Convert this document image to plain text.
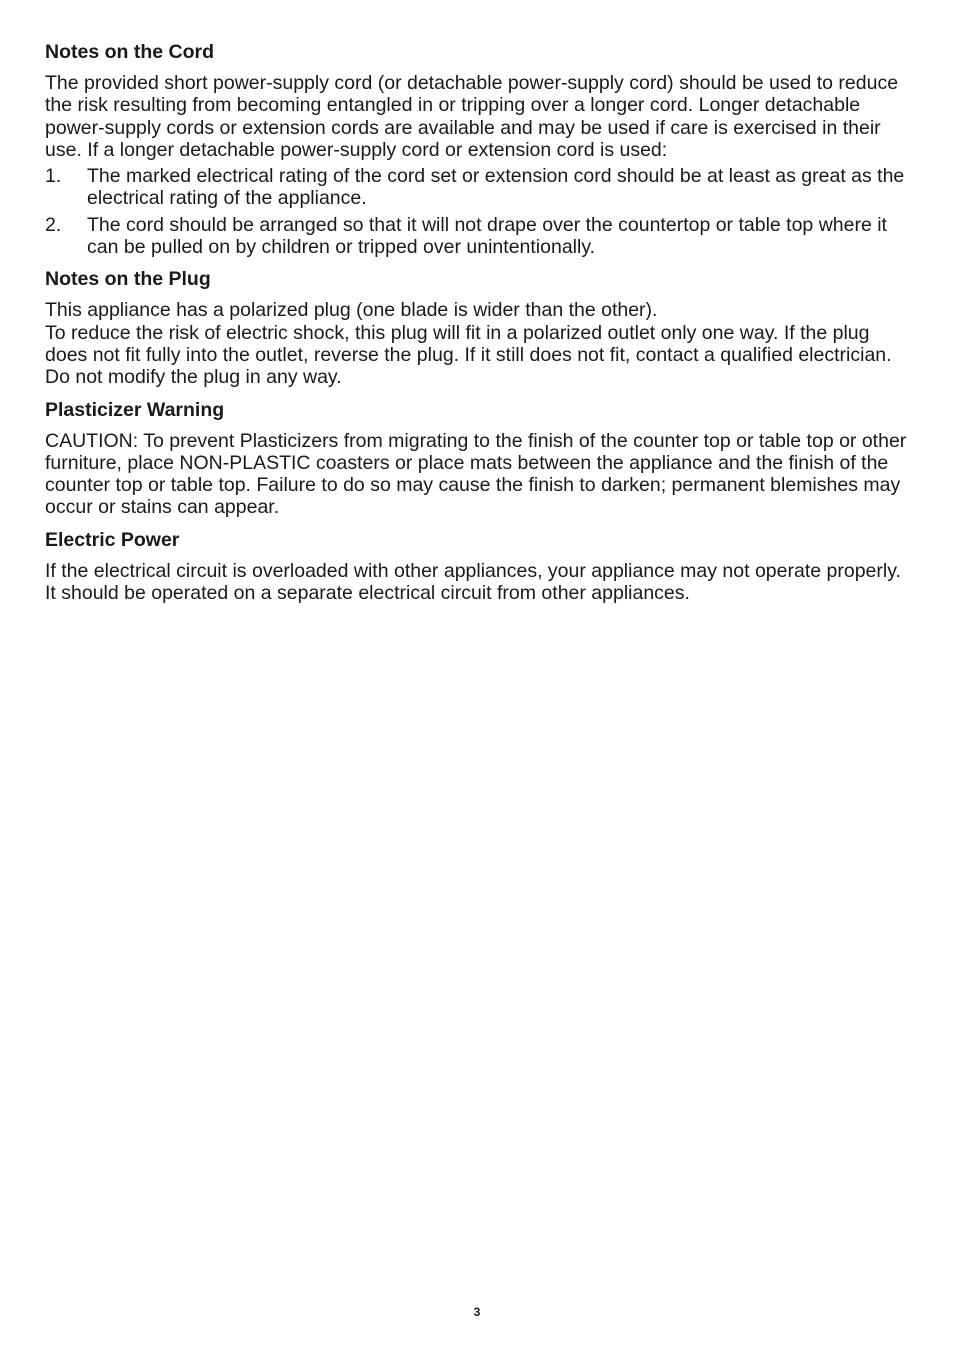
Notes on the Cord

The provided short power-supply cord (or detachable power-supply cord) should be used to reduce the risk resulting from becoming entangled in or tripping over a longer cord. Longer detachable power-supply cords or extension cords are available and may be used if care is exercised in their use. If a longer detachable power-supply cord or extension cord is used:

1. The marked electrical rating of the cord set or extension cord should be at least as great as the electrical rating of the appliance.
2. The cord should be arranged so that it will not drape over the countertop or table top where it can be pulled on by children or tripped over unintentionally.
Notes on the Plug

This appliance has a polarized plug (one blade is wider than the other).

To reduce the risk of electric shock, this plug will fit in a polarized outlet only one way. If the plug does not fit fully into the outlet, reverse the plug. If it still does not fit, contact a qualified electrician. Do not modify the plug in any way.

Plasticizer Warning

CAUTION: To prevent Plasticizers from migrating to the finish of the counter top or table top or other furniture, place NON-PLASTIC coasters or place mats between the appliance and the finish of the counter top or table top. Failure to do so may cause the finish to darken; permanent blemishes may occur or stains can appear.

Electric Power

If the electrical circuit is overloaded with other appliances, your appliance may not operate properly. It should be operated on a separate electrical circuit from other appliances.

3
